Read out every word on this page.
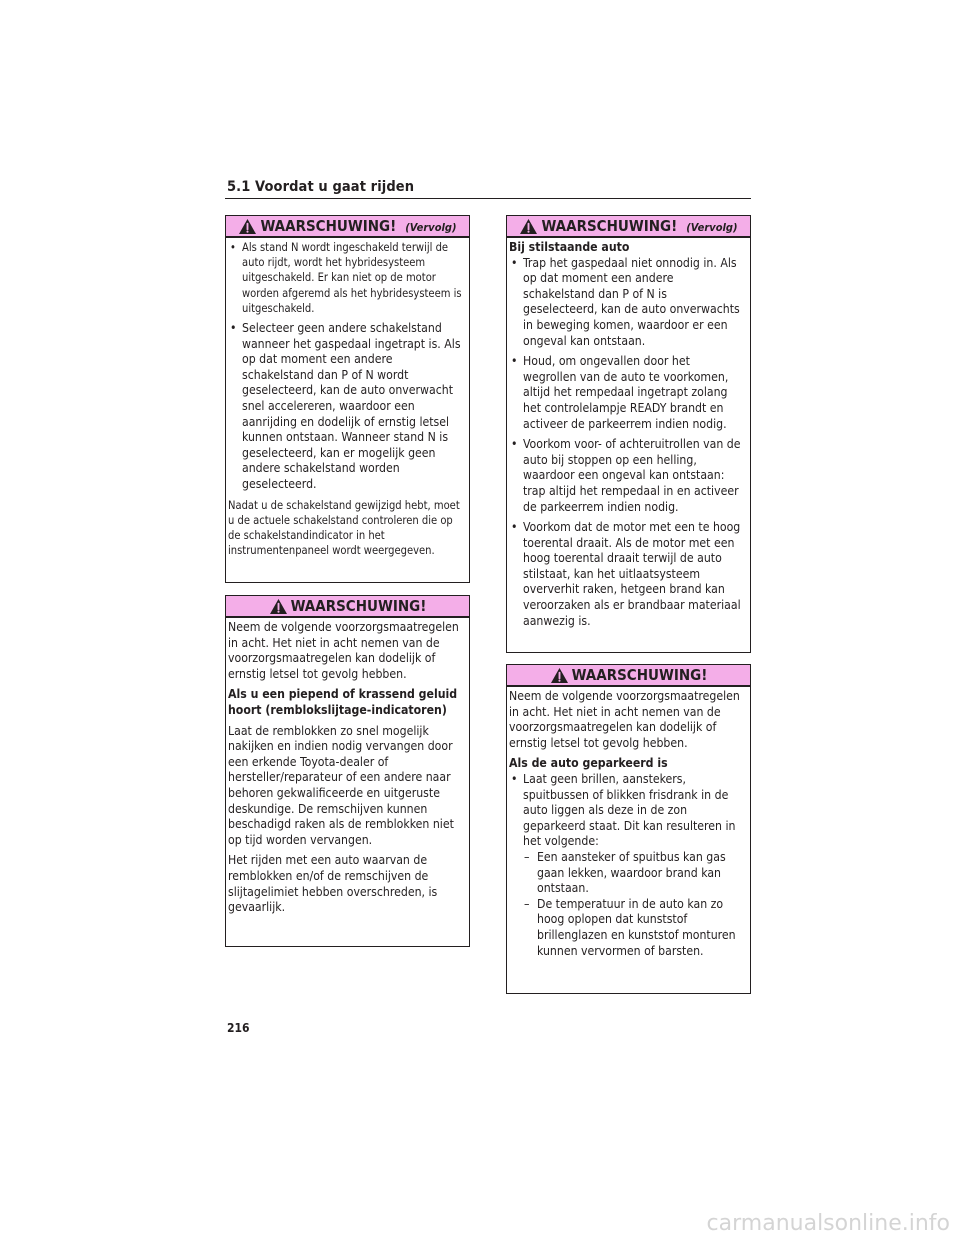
5.1 Voordat u gaat rijden
WAARSCHUWING! (Vervolg)
• Als stand N wordt ingeschakeld terwijl de auto rijdt, wordt het hybridesysteem uitgeschakeld. Er kan niet op de motor worden afgeremd als het hybridesysteem is uitgeschakeld.
• Selecteer geen andere schakelstand wanneer het gaspedaal ingetrapt is. Als op dat moment een andere schakelstand dan P of N wordt geselecteerd, kan de auto onverwacht snel accelereren, waardoor een aanrijding en dodelijk of ernstig letsel kunnen ontstaan. Wanneer stand N is geselecteerd, kan er mogelijk geen andere schakelstand worden geselecteerd.

Nadat u de schakelstand gewijzigd hebt, moet u de actuele schakelstand controleren die op de schakelstandindicator in het instrumentenpaneel wordt weergegeven.

WAARSCHUWING!

Neem de volgende voorzorgsmaatregelen in acht. Het niet in acht nemen van de voorzorgsmaatregelen kan dodelijk of ernstig letsel tot gevolg hebben.

Als u een piepend of krassend geluid hoort (remblokslijtage-indicatoren)

Laat de remblokken zo snel mogelijk nakijken en indien nodig vervangen door een erkende Toyota-dealer of hersteller/reparateur of een andere naar behoren gekwalificeerde en uitgeruste deskundige. De remschijven kunnen beschadigd raken als de remblokken niet op tijd worden vervangen.

Het rijden met een auto waarvan de remblokken en/of de remschijven de slijtagelimiet hebben overschreden, is gevaarlijk.

WAARSCHUWING! (Vervolg)

Bij stilstaande auto

• Trap het gaspedaal niet onnodig in. Als op dat moment een andere schakelstand dan P of N is geselecteerd, kan de auto onverwachts in beweging komen, waardoor er een ongeval kan ontstaan.
• Houd, om ongevallen door het wegrollen van de auto te voorkomen, altijd het rempedaal ingetrapt zolang het controlelampje READY brandt en activeer de parkeerrem indien nodig.
• Voorkom voor- of achteruitrollen van de auto bij stoppen op een helling, waardoor een ongeval kan ontstaan: trap altijd het rempedaal in en activeer de parkeerrem indien nodig.
• Voorkom dat de motor met een te hoog toerental draait. Als de motor met een hoog toerental draait terwijl de auto stilstaat, kan het uitlaatsysteem oververhit raken, hetgeen brand kan veroorzaken als er brandbaar materiaal aanwezig is.
WAARSCHUWING!

Neem de volgende voorzorgsmaatregelen in acht. Het niet in acht nemen van de voorzorgsmaatregelen kan dodelijk of ernstig letsel tot gevolg hebben.

Als de auto geparkeerd is

• Laat geen brillen, aanstekers, spuitbussen of blikken frisdrank in de auto liggen als deze in de zon geparkeerd staat. Dit kan resulteren in het volgende:
– Een aansteker of spuitbus kan gas gaan lekken, waardoor brand kan ontstaan.
– De temperatuur in de auto kan zo hoog oplopen dat kunststof brillenglazen en kunststof monturen kunnen vervormen of barsten.
216
carmanualsonline.info
